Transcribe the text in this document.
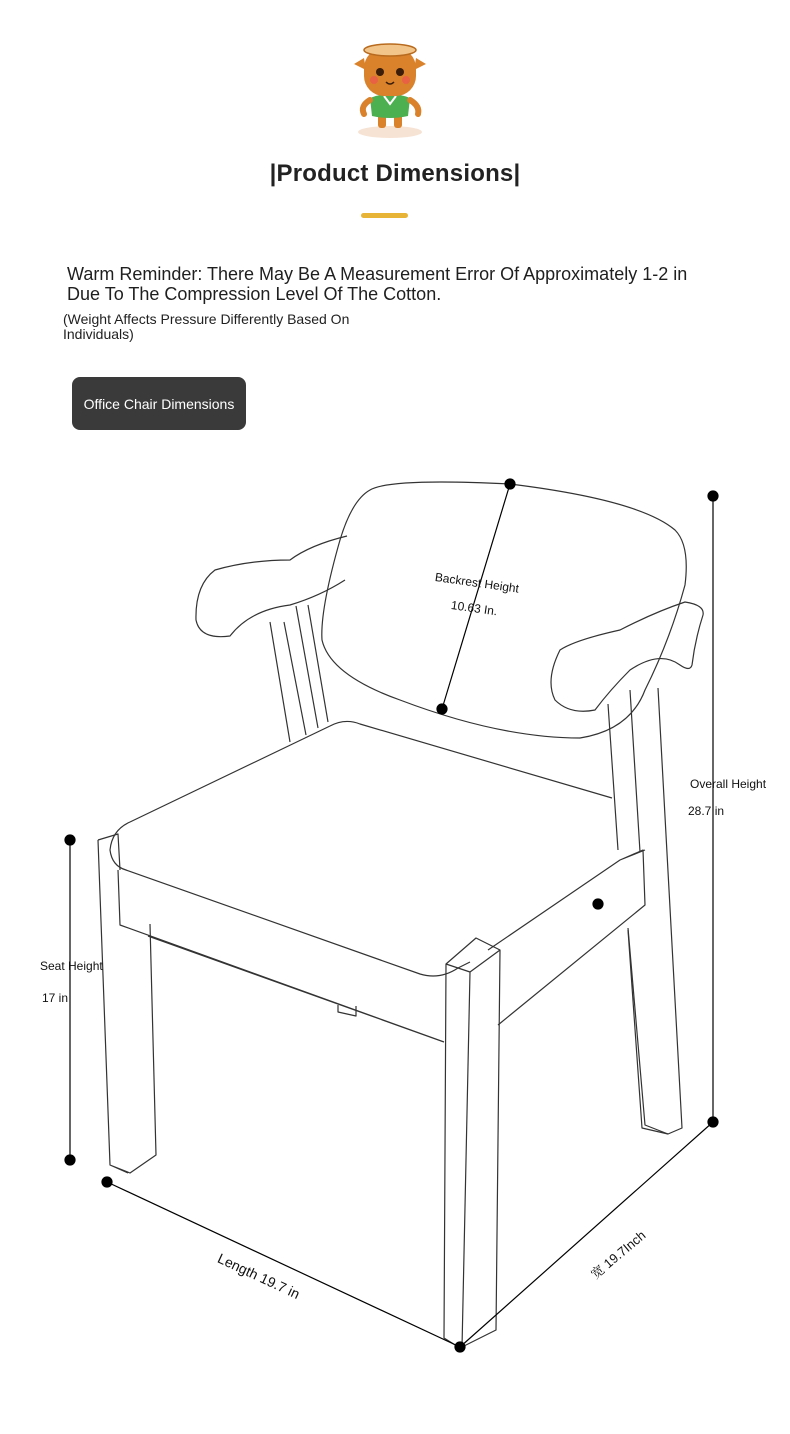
|Product Dimensions|
Warm Reminder: There May Be A Measurement Error Of Approximately 1-2 in Due To The Compression Level Of The Cotton.
(Weight Affects Pressure Differently Based On Individuals)
Office Chair Dimensions
Backrest Height
10.63 In.
Overall Height
28.7 in
Seat Height
17 in
Length 19.7 in	宽 19.7Inch
